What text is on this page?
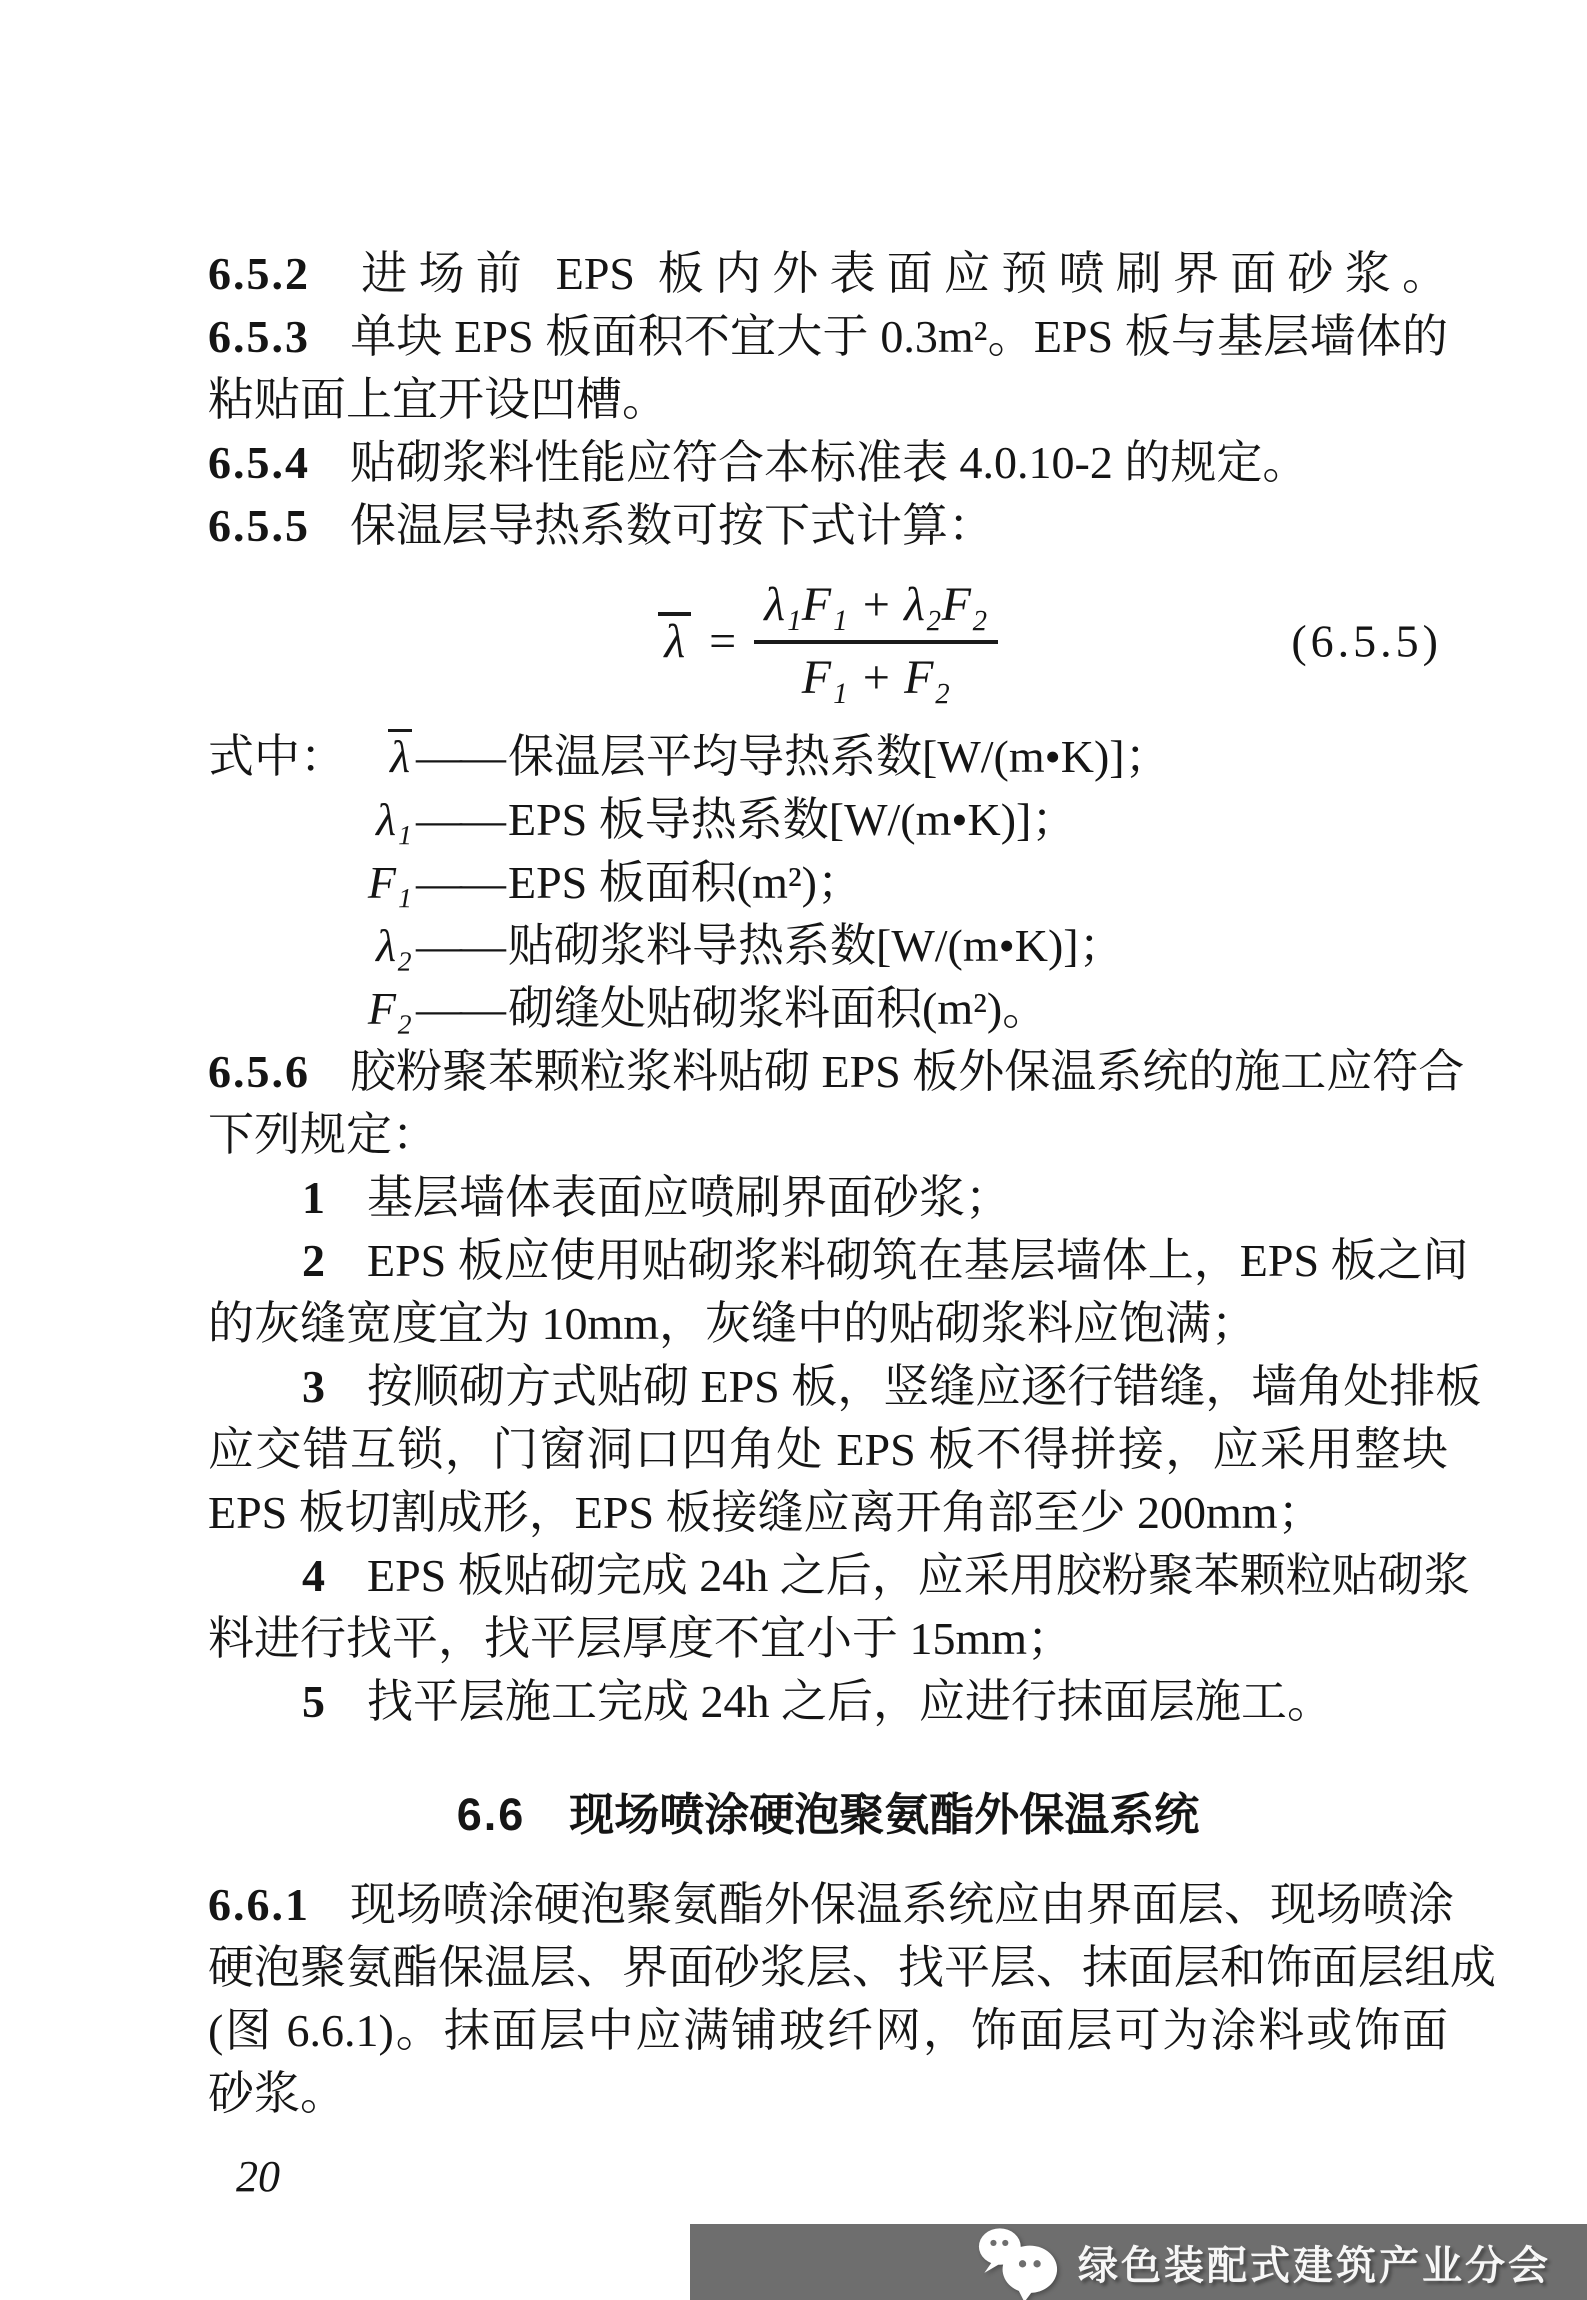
6.5.2 进场前 EPS 板内外表面应预喷刷界面砂浆。

6.5.3 单块 EPS 板面积不宜大于 0.3m²。EPS 板与基层墙体的

粘贴面上宜开设凹槽。

6.5.4 贴砌浆料性能应符合本标准表 4.0.10-2 的规定。

6.5.5 保温层导热系数可按下式计算：

$\lambda = \frac{\text{λ₁F₁ + λ₂F₂}}{\text{F₁ + F₂}}$	(6.5.5)
式中： λ —— 保温层平均导热系数[W/(m•K)]；
λ₁ —— EPS 板导热系数[W/(m•K)]；
F₁ —— EPS 板面积(m²)；
λ₂ —— 贴砌浆料导热系数[W/(m•K)]；
F₂ —— 砌缝处贴砌浆料面积(m²)。

6.5.6 胶粉聚苯颗粒浆料贴砌 EPS 板外保温系统的施工应符合

下列规定：

1 基层墙体表面应喷刷界面砂浆；

2 EPS 板应使用贴砌浆料砌筑在基层墙体上，EPS 板之间

的灰缝宽度宜为 10mm，灰缝中的贴砌浆料应饱满；

3 按顺砌方式贴砌 EPS 板，竖缝应逐行错缝，墙角处排板

应交错互锁，门窗洞口四角处 EPS 板不得拼接，应采用整块

EPS 板切割成形，EPS 板接缝应离开角部至少 200mm；

4 EPS 板贴砌完成 24h 之后，应采用胶粉聚苯颗粒贴砌浆

料进行找平，找平层厚度不宜小于 15mm；

5 找平层施工完成 24h 之后，应进行抹面层施工。

6.6 现场喷涂硬泡聚氨酯外保温系统

6.6.1 现场喷涂硬泡聚氨酯外保温系统应由界面层、现场喷涂

硬泡聚氨酯保温层、界面砂浆层、找平层、抹面层和饰面层组成

(图 6.6.1)。抹面层中应满铺玻纤网，饰面层可为涂料或饰面

砂浆。

20

绿色装配式建筑产业分会
